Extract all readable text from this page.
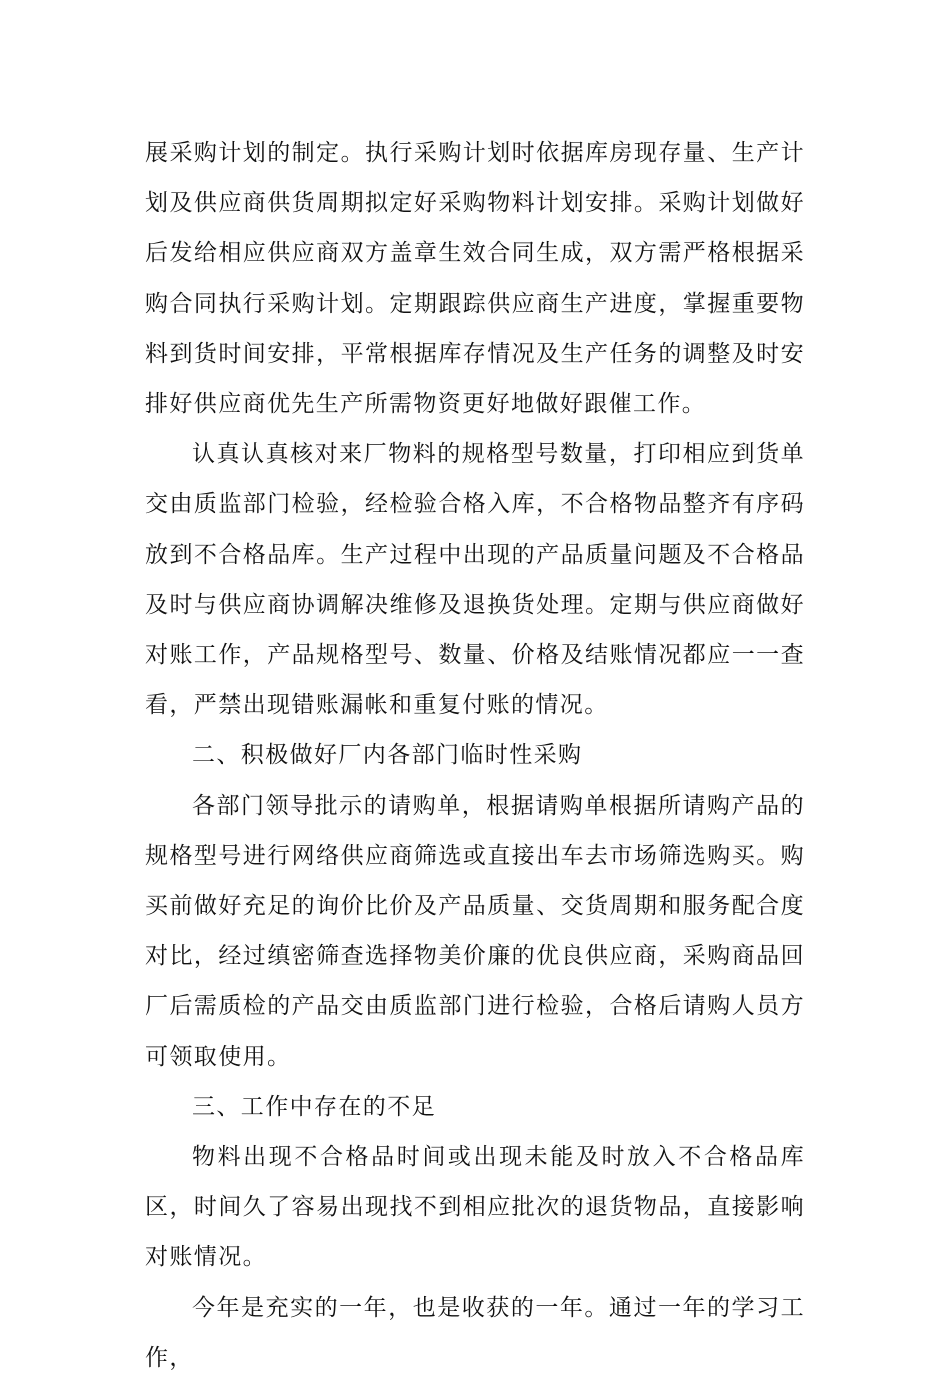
展采购计划的制定。执行采购计划时依据库房现存量、生产计划及供应商供货周期拟定好采购物料计划安排。采购计划做好后发给相应供应商双方盖章生效合同生成，双方需严格根据采购合同执行采购计划。定期跟踪供应商生产进度，掌握重要物料到货时间安排，平常根据库存情况及生产任务的调整及时安排好供应商优先生产所需物资更好地做好跟催工作。

认真认真核对来厂物料的规格型号数量，打印相应到货单交由质监部门检验，经检验合格入库，不合格物品整齐有序码放到不合格品库。生产过程中出现的产品质量问题及不合格品及时与供应商协调解决维修及退换货处理。定期与供应商做好对账工作，产品规格型号、数量、价格及结账情况都应一一查看，严禁出现错账漏帐和重复付账的情况。

二、积极做好厂内各部门临时性采购

各部门领导批示的请购单，根据请购单根据所请购产品的规格型号进行网络供应商筛选或直接出车去市场筛选购买。购买前做好充足的询价比价及产品质量、交货周期和服务配合度对比，经过缜密筛查选择物美价廉的优良供应商，采购商品回厂后需质检的产品交由质监部门进行检验，合格后请购人员方可领取使用。

三、工作中存在的不足

物料出现不合格品时间或出现未能及时放入不合格品库区，时间久了容易出现找不到相应批次的退货物品，直接影响对账情况。

今年是充实的一年，也是收获的一年。通过一年的学习工作，
